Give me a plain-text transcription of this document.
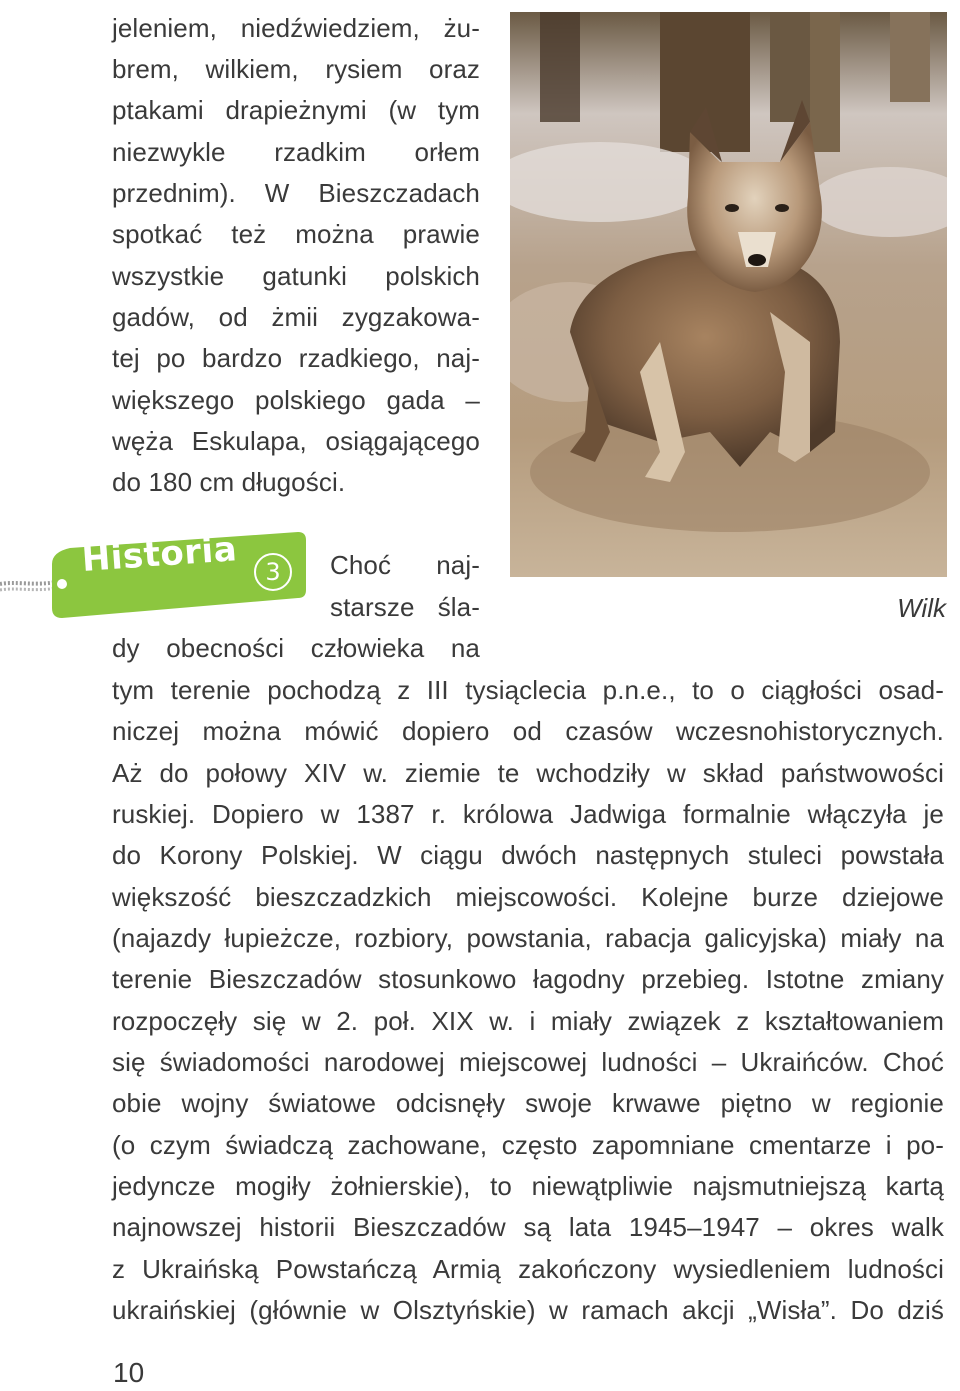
jeleniem, niedźwiedziem, żu-
brem, wilkiem, rysiem oraz
ptakami drapieżnymi (w tym
niezwykle rzadkim orłem
przednim). W Bieszczadach
spotkać też można prawie
wszystkie gatunki polskich
gadów, od żmii zygzakowa-
tej po bardzo rzadkiego, naj-
większego polskiego gada –
węża Eskulapa, osiągającego
do 180 cm długości.
Wilk
Historia	3	Choć naj-
starsze śla-
dy obecności człowieka na
tym terenie pochodzą z III tysiąclecia p.n.e., to o ciągłości osad-
niczej można mówić dopiero od czasów wczesnohistorycznych.
Aż do połowy XIV w. ziemie te wchodziły w skład państwowości
ruskiej. Dopiero w 1387 r. królowa Jadwiga formalnie włączyła je
do Korony Polskiej. W ciągu dwóch następnych stuleci powstała
większość bieszczadzkich miejscowości. Kolejne burze dziejowe
(najazdy łupieżcze, rozbiory, powstania, rabacja galicyjska) miały na
terenie Bieszczadów stosunkowo łagodny przebieg. Istotne zmiany
rozpoczęły się w 2. poł. XIX w. i miały związek z kształtowaniem
się świadomości narodowej miejscowej ludności – Ukraińców. Choć
obie wojny światowe odcisnęły swoje krwawe piętno w regionie
(o czym świadczą zachowane, często zapomniane cmentarze i po-
jedyncze mogiły żołnierskie), to niewątpliwie najsmutniejszą kartą
najnowszej historii Bieszczadów są lata 1945–1947 – okres walk
z Ukraińską Powstańczą Armią zakończony wysiedleniem ludności
ukraińskiej (głównie w Olsztyńskie) w ramach akcji „Wisła”. Do dziś
10
